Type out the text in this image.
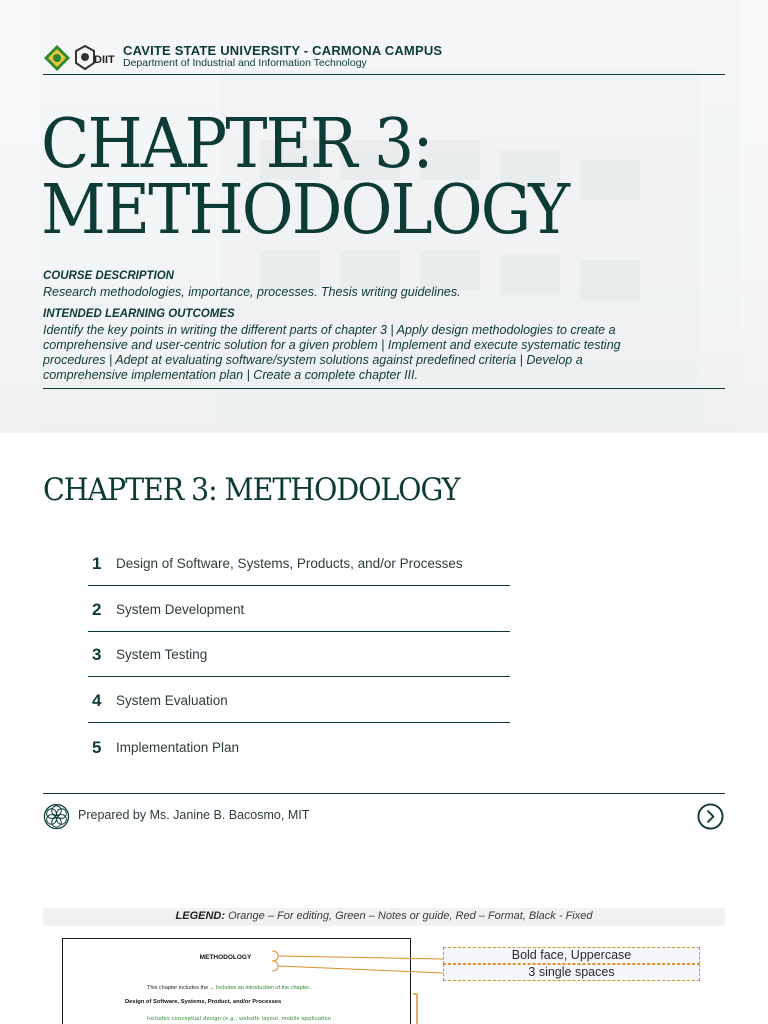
DIIT
CAVITE STATE UNIVERSITY - CARMONA CAMPUS
Department of Industrial and Information Technology
CHAPTER 3:
METHODOLOGY
COURSE DESCRIPTION
Research methodologies, importance, processes. Thesis writing guidelines.
INTENDED LEARNING OUTCOMES
Identify the key points in writing the different parts of chapter 3 | Apply design methodologies to create a
comprehensive and user-centric solution for a given problem | Implement and execute systematic testing
procedures | Adept at evaluating software/system solutions against predefined criteria | Develop a
comprehensive implementation plan | Create a complete chapter III.
CHAPTER 3: METHODOLOGY
1 Design of Software, Systems, Products, and/or Processes
2 System Development
3 System Testing
4 System Evaluation
5 Implementation Plan
Prepared by Ms. Janine B. Bacosmo, MIT
LEGEND: Orange – For editing, Green – Notes or guide, Red – Format, Black - Fixed
METHODOLOGY
This chapter includes the ... Includes an introduction of the chapter.
Design of Software, Systems, Product, and/or Processes
Includes conceptual design (e.g., website layout, mobile application
Bold face, Uppercase
3 single spaces
